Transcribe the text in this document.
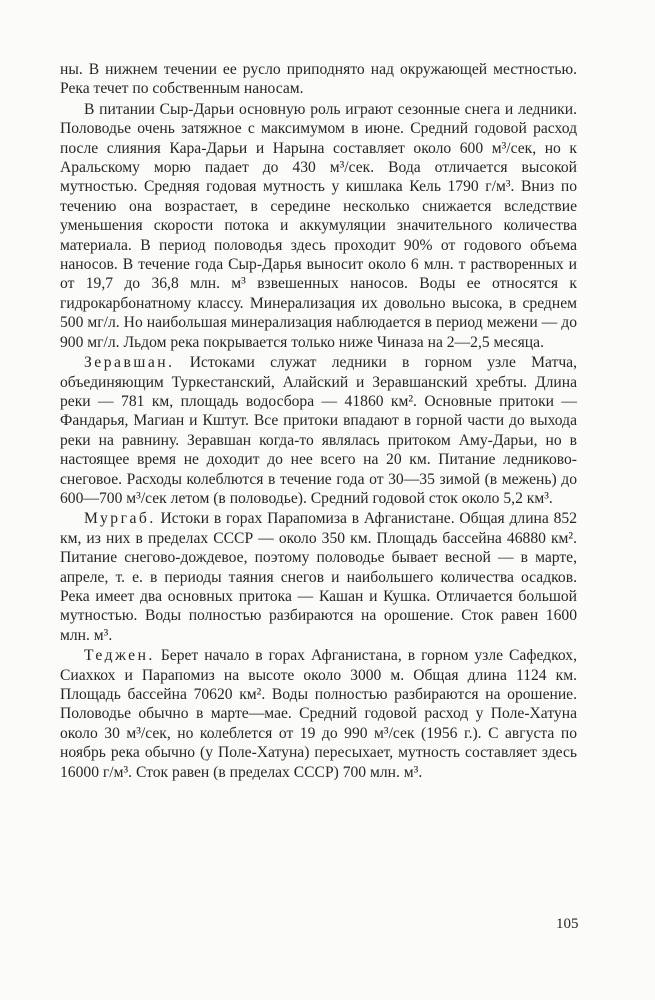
ны. В нижнем течении ее русло приподнято над окружающей местностью. Река течет по собственным наносам.

В питании Сыр-Дарьи основную роль играют сезонные снега и ледники. Половодье очень затяжное с максимумом в июне. Средний годовой расход после слияния Кара-Дарьи и Нарына составляет около 600 м³/сек, но к Аральскому морю падает до 430 м³/сек. Вода отличается высокой мутностью. Средняя годовая мутность у кишлака Кель 1790 г/м³. Вниз по течению она возрастает, в середине несколько снижается вследствие уменьшения скорости потока и аккумуляции значительного количества материала. В период половодья здесь проходит 90% от годового объема наносов. В течение года Сыр-Дарья выносит около 6 млн. т растворенных и от 19,7 до 36,8 млн. м³ взвешенных наносов. Воды ее относятся к гидрокарбонатному классу. Минерализация их довольно высока, в среднем 500 мг/л. Но наибольшая минерализация наблюдается в период межени — до 900 мг/л. Льдом река покрывается только ниже Чиназа на 2—2,5 месяца.

Зеравшан. Истоками служат ледники в горном узле Матча, объединяющим Туркестанский, Алайский и Зеравшанский хребты. Длина реки — 781 км, площадь водосбора — 41860 км². Основные притоки — Фандарья, Магиан и Кштут. Все притоки впадают в горной части до выхода реки на равнину. Зеравшан когда-то являлась притоком Аму-Дарьи, но в настоящее время не доходит до нее всего на 20 км. Питание ледниково-снеговое. Расходы колеблются в течение года от 30—35 зимой (в межень) до 600—700 м³/сек летом (в половодье). Средний годовой сток около 5,2 км³.

Мургаб. Истоки в горах Парапомиза в Афганистане. Общая длина 852 км, из них в пределах СССР — около 350 км. Площадь бассейна 46880 км². Питание снегово-дождевое, поэтому половодье бывает весной — в марте, апреле, т. е. в периоды таяния снегов и наибольшего количества осадков. Река имеет два основных притока — Кашан и Кушка. Отличается большой мутностью. Воды полностью разбираются на орошение. Сток равен 1600 млн. м³.

Теджен. Берет начало в горах Афганистана, в горном узле Сафедкох, Сиахкох и Парапомиз на высоте около 3000 м. Общая длина 1124 км. Площадь бассейна 70620 км². Воды полностью разбираются на орошение. Половодье обычно в марте—мае. Средний годовой расход у Поле-Хатуна около 30 м³/сек, но колеблется от 19 до 990 м³/сек (1956 г.). С августа по ноябрь река обычно (у Поле-Хатуна) пересыхает, мутность составляет здесь 16000 г/м³. Сток равен (в пределах СССР) 700 млн. м³.

105
